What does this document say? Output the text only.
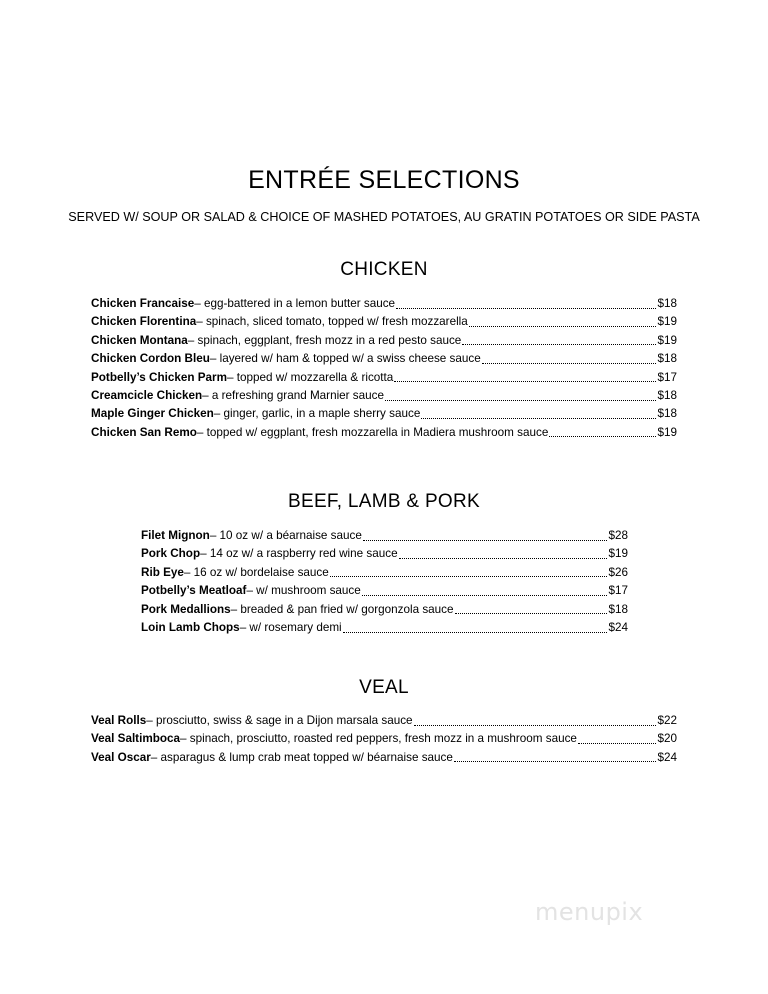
ENTRÉE SELECTIONS
SERVED W/ SOUP OR SALAD & CHOICE OF MASHED POTATOES, AU GRATIN POTATOES OR SIDE PASTA
CHICKEN
Chicken Francaise – egg-battered in a lemon butter sauce	$18
Chicken Florentina – spinach, sliced tomato, topped w/ fresh mozzarella	$19
Chicken Montana – spinach, eggplant, fresh mozz in a red pesto sauce	$19
Chicken Cordon Bleu – layered w/ ham & topped w/ a swiss cheese sauce	$18
Potbelly’s Chicken Parm – topped w/ mozzarella & ricotta	$17
Creamcicle Chicken – a refreshing grand Marnier sauce	$18
Maple Ginger Chicken – ginger, garlic, in a maple sherry sauce	$18
Chicken San Remo – topped w/ eggplant, fresh mozzarella in Madiera mushroom sauce	$19
BEEF, LAMB & PORK
Filet Mignon – 10 oz w/ a béarnaise sauce	$28
Pork Chop – 14 oz w/ a raspberry red wine sauce	$19
Rib Eye – 16 oz w/ bordelaise sauce	$26
Potbelly’s Meatloaf – w/ mushroom sauce	$17
Pork Medallions – breaded & pan fried w/ gorgonzola sauce	$18
Loin Lamb Chops – w/ rosemary demi	$24
VEAL
Veal Rolls – prosciutto, swiss & sage in a Dijon marsala sauce	$22
Veal Saltimboca – spinach, prosciutto, roasted red peppers, fresh mozz in a mushroom sauce	$20
Veal Oscar – asparagus & lump crab meat topped w/ béarnaise sauce	$24
menupix
